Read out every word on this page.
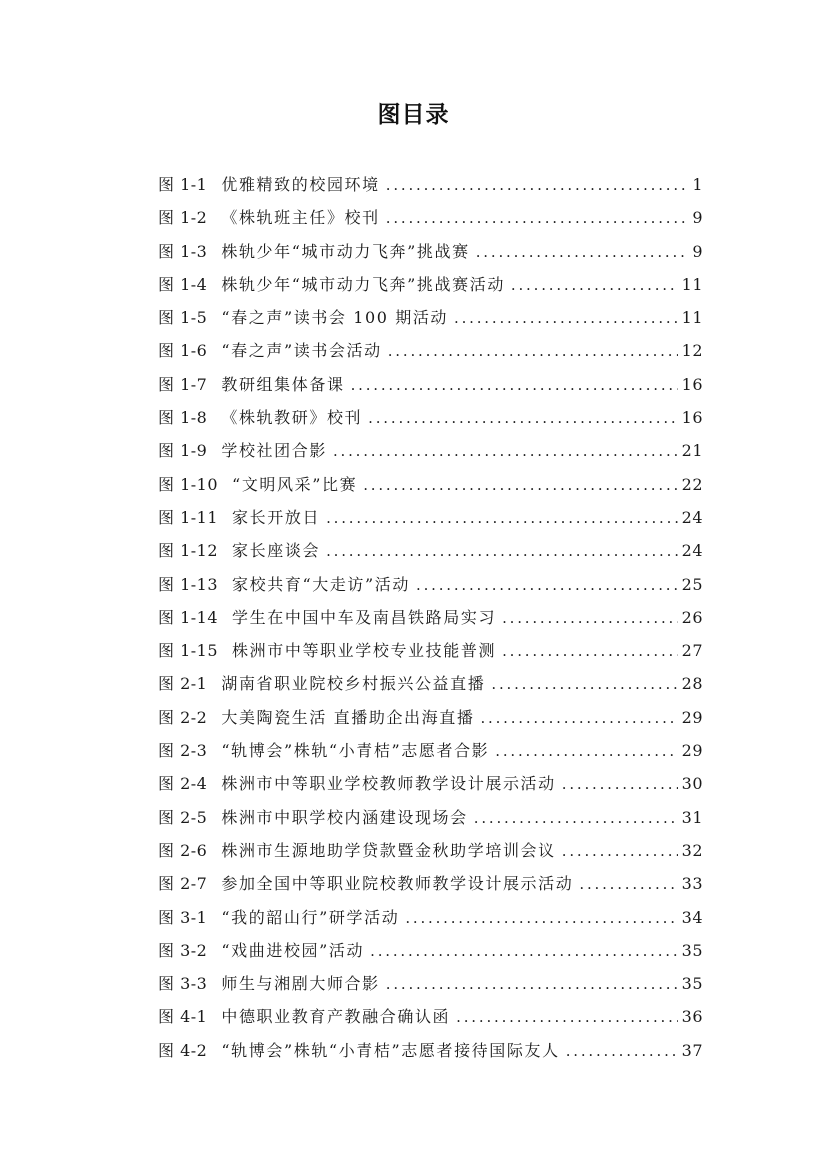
图目录
图 1-1 优雅精致的校园环境 .....	1
图 1-2 《株轨班主任》校刊 .....	9
图 1-3 株轨少年“城市动力飞奔”挑战赛 .....	9
图 1-4 株轨少年“城市动力飞奔”挑战赛活动 .....	11
图 1-5 “春之声”读书会 100 期活动 .....	11
图 1-6 “春之声”读书会活动 .....	12
图 1-7 教研组集体备课 .....	16
图 1-8 《株轨教研》校刊 .....	16
图 1-9 学校社团合影 .....	21
图 1-10 “文明风采”比赛 .....	22
图 1-11 家长开放日 .....	24
图 1-12 家长座谈会 .....	24
图 1-13 家校共育“大走访”活动 .....	25
图 1-14 学生在中国中车及南昌铁路局实习 .....	26
图 1-15 株洲市中等职业学校专业技能普测 .....	27
图 2-1 湖南省职业院校乡村振兴公益直播 .....	28
图 2-2 大美陶瓷生活 直播助企出海直播 .....	29
图 2-3 “轨博会”株轨“小青桔”志愿者合影 .....	29
图 2-4 株洲市中等职业学校教师教学设计展示活动 .....	30
图 2-5 株洲市中职学校内涵建设现场会 .....	31
图 2-6 株洲市生源地助学贷款暨金秋助学培训会议 .....	32
图 2-7 参加全国中等职业院校教师教学设计展示活动 .....	33
图 3-1 “我的韶山行”研学活动 .....	34
图 3-2 “戏曲进校园”活动 .....	35
图 3-3 师生与湘剧大师合影 .....	35
图 4-1 中德职业教育产教融合确认函 .....	36
图 4-2 “轨博会”株轨“小青桔”志愿者接待国际友人 .....	37
